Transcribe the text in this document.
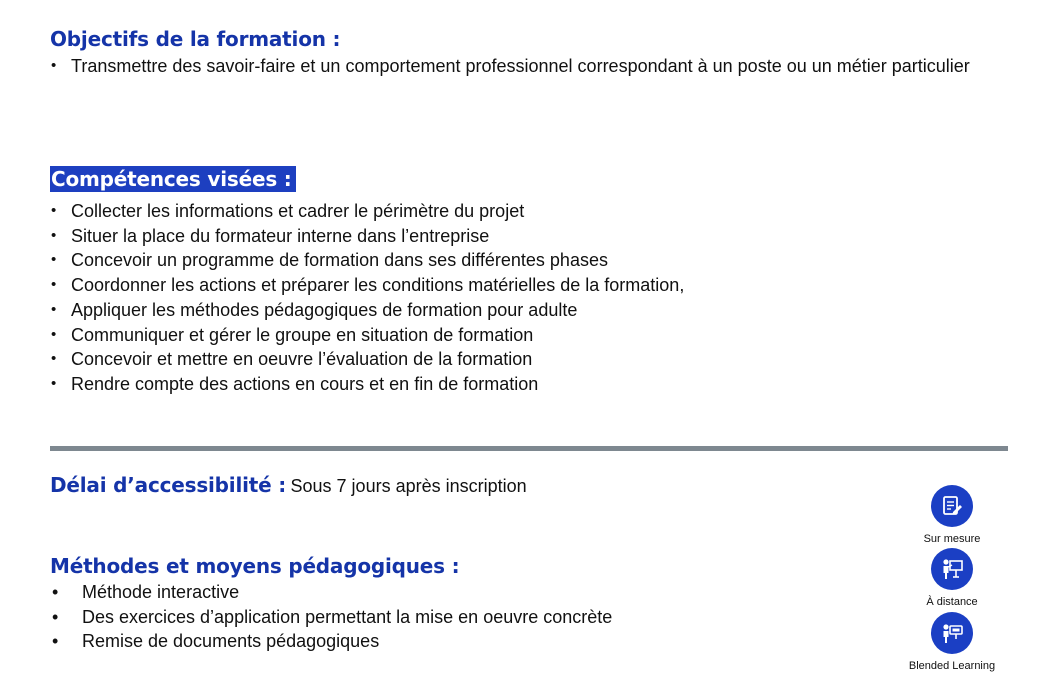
Objectifs de la formation :
• Transmettre des savoir-faire et un comportement professionnel correspondant à un poste ou un métier particulier
Compétences visées :
• Collecter les informations et cadrer le périmètre du projet
• Situer la place du formateur interne dans l’entreprise
• Concevoir un programme de formation dans ses différentes phases
• Coordonner les actions et préparer les conditions matérielles de la formation,
• Appliquer les méthodes pédagogiques de formation pour adulte
• Communiquer et gérer le groupe en situation de formation
• Concevoir et mettre en oeuvre l’évaluation de la formation
• Rendre compte des actions en cours et en fin de formation

Délai d’accessibilité : Sous 7 jours après inscription

Méthodes et moyens pédagogiques :
• Méthode interactive
• Des exercices d’application permettant la mise en oeuvre concrète
• Remise de documents pédagogiques
Sur mesure
À distance
Blended Learning
